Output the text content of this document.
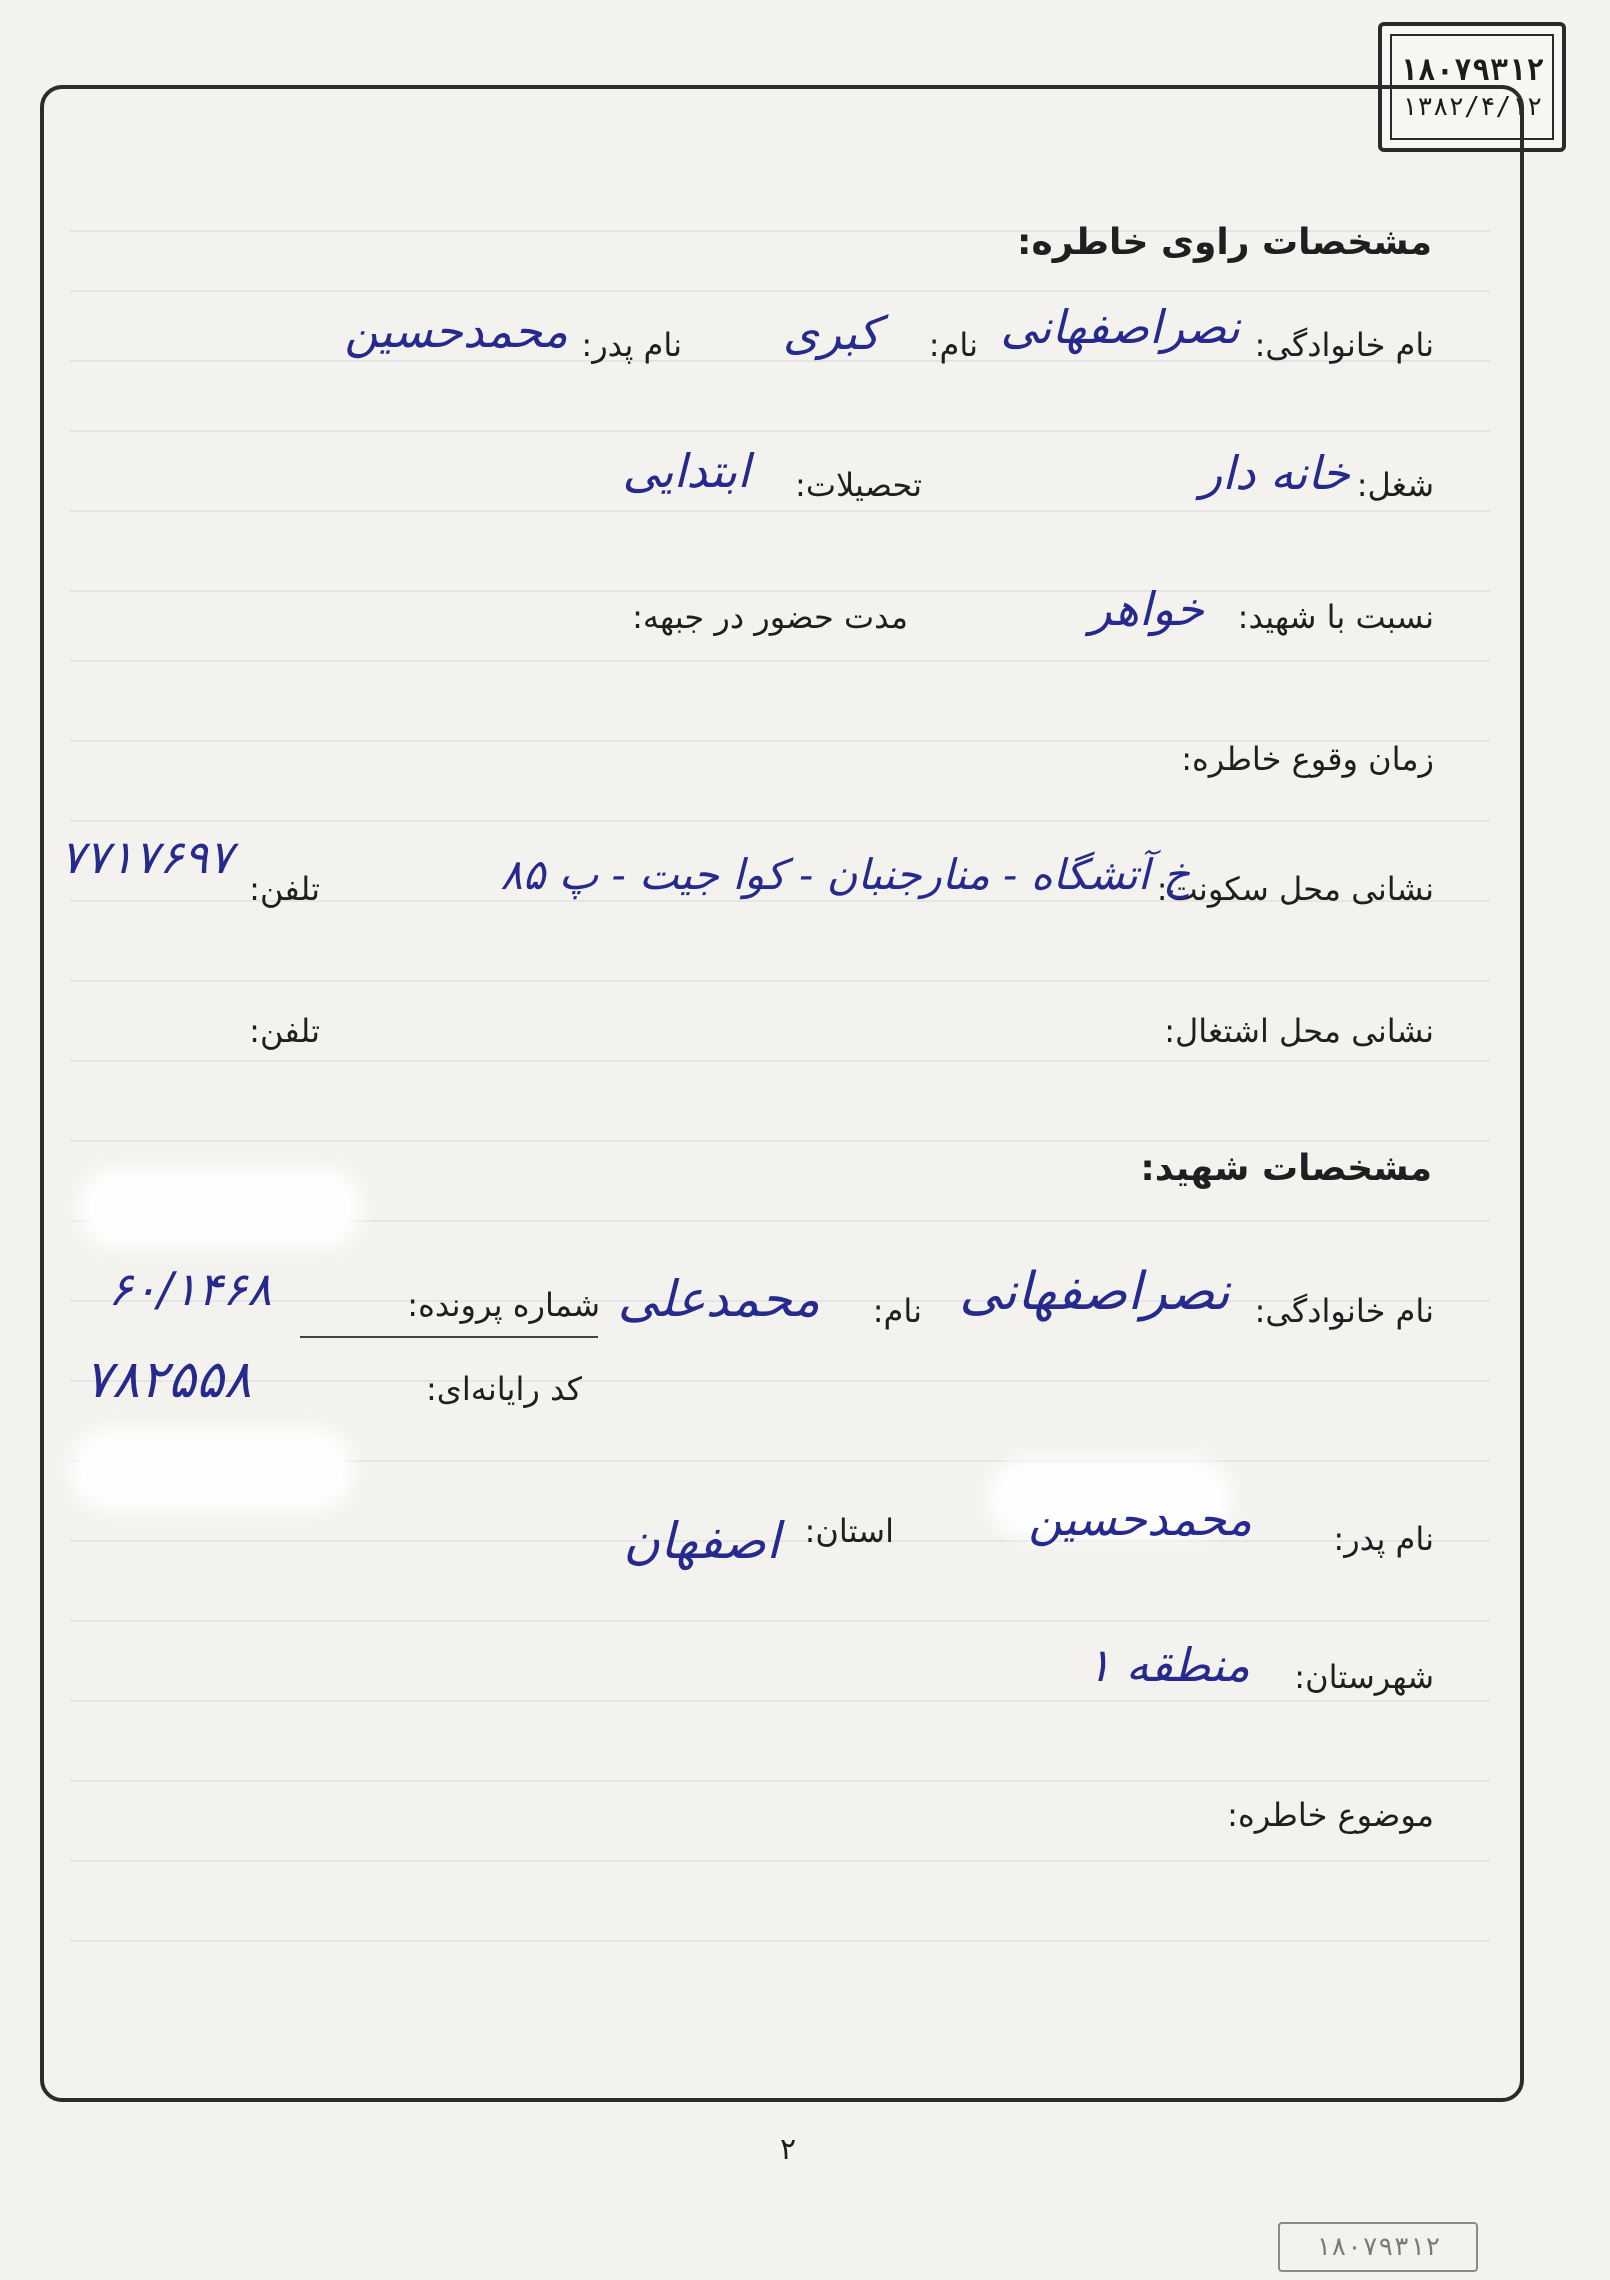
۱۸۰۷۹۳۱۲
۱۳۸۲/۴/۱۲
مشخصات راوی خاطره:
نام خانوادگی:
نصراصفهانی
نام:
کبری
نام پدر:
محمدحسین
شغل:
خانه دار
تحصیلات:
ابتدایی
نسبت با شهید:
خواهر
مدت حضور در جبهه:
زمان وقوع خاطره:
نشانی محل سکونت:
خ آتشگاه - منارجنبان - کوا جیت - پ ۸۵
تلفن:
۷۷۱۷۶۹۷
نشانی محل اشتغال:
تلفن:
مشخصات شهید:
نام خانوادگی:
نصراصفهانی
نام:
محمدعلی
شماره پرونده:
۶۰/۱۴۶۸
کد رایانه‌ای:
۷۸۲۵۵۸
نام پدر:
محمدحسین
استان:
اصفهان
شهرستان:
منطقه ۱
موضوع خاطره:
۲
۱۸۰۷۹۳۱۲
